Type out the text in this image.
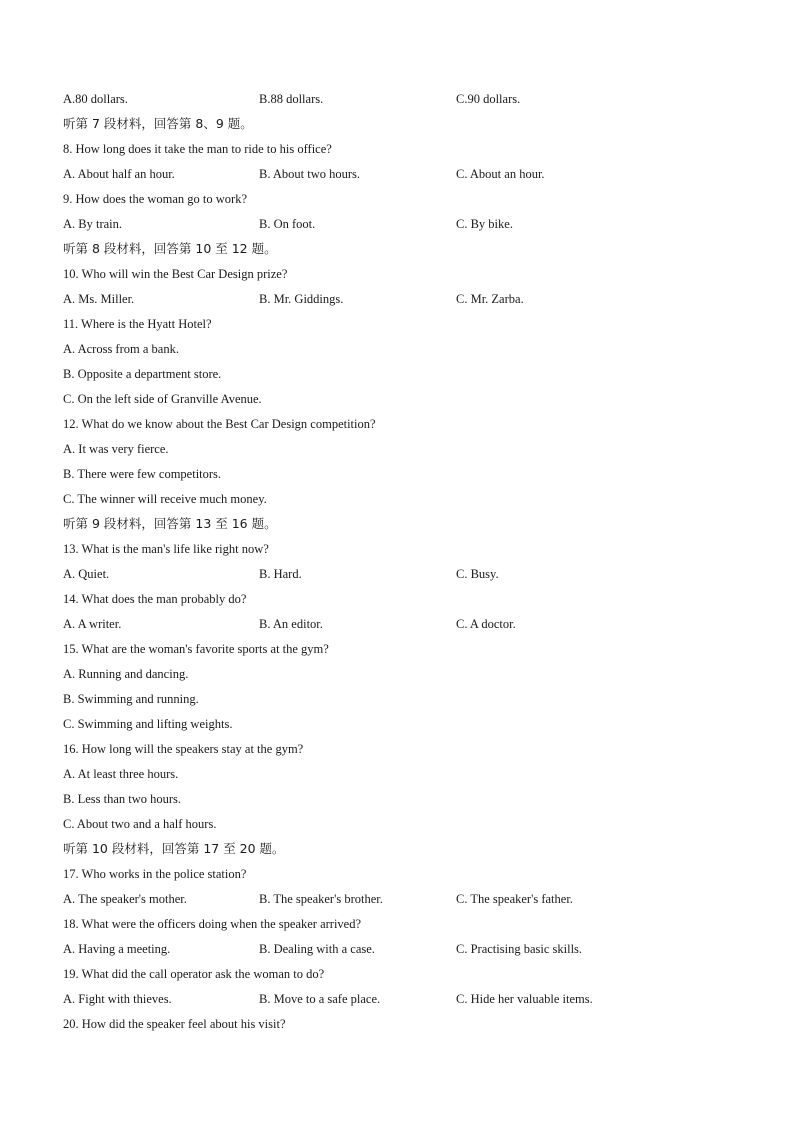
A.80 dollars.	B.88 dollars.	C.90 dollars.
听第 7 段材料，回答第 8、9 题。
8. How long does it take the man to ride to his office?
A. About half an hour.	B. About two hours.	C. About an hour.
9. How does the woman go to work?
A. By train.	B. On foot.	C. By bike.
听第 8 段材料，回答第 10 至 12 题。
10. Who will win the Best Car Design prize?
A. Ms. Miller.	B. Mr. Giddings.	C. Mr. Zarba.
11. Where is the Hyatt Hotel?
A. Across from a bank.
B. Opposite a department store.
C. On the left side of Granville Avenue.
12. What do we know about the Best Car Design competition?
A. It was very fierce.
B. There were few competitors.
C. The winner will receive much money.
听第 9 段材料，回答第 13 至 16 题。
13. What is the man's life like right now?
A. Quiet.	B. Hard.	C. Busy.
14. What does the man probably do?
A. A writer.	B. An editor.	C. A doctor.
15. What are the woman's favorite sports at the gym?
A. Running and dancing.
B. Swimming and running.
C. Swimming and lifting weights.
16. How long will the speakers stay at the gym?
A. At least three hours.
B. Less than two hours.
C. About two and a half hours.
听第 10 段材料，回答第 17 至 20 题。
17. Who works in the police station?
A. The speaker's mother.	B. The speaker's brother.	C. The speaker's father.
18. What were the officers doing when the speaker arrived?
A. Having a meeting.	B. Dealing with a case.	C. Practising basic skills.
19. What did the call operator ask the woman to do?
A. Fight with thieves.	B. Move to a safe place.	C. Hide her valuable items.
20. How did the speaker feel about his visit?
